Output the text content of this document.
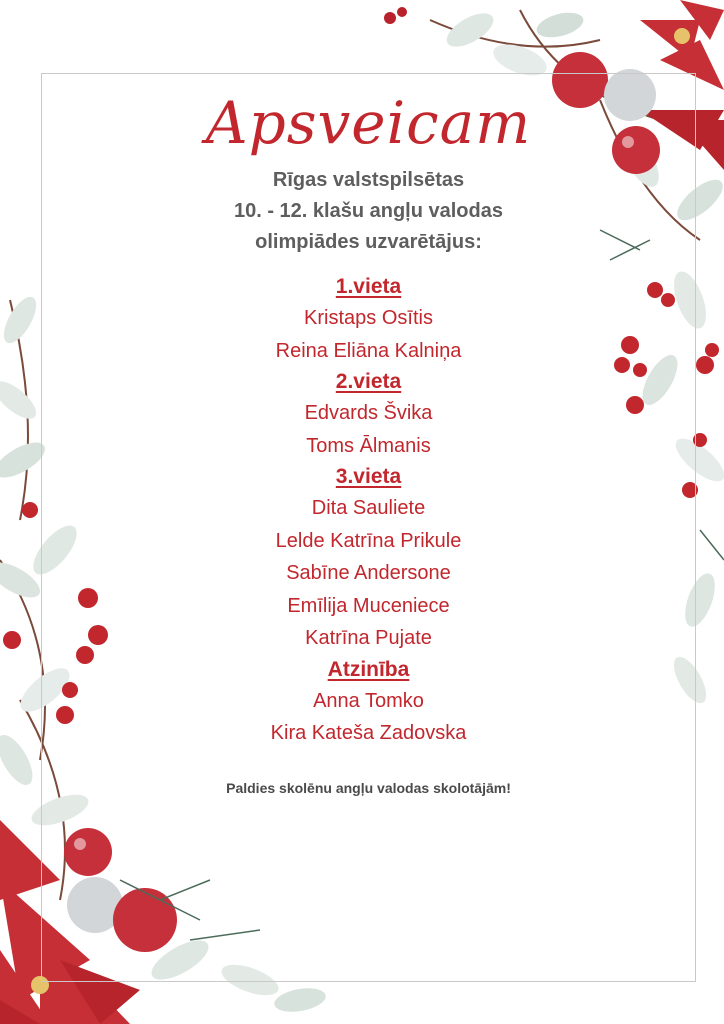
Apsveicam
Rīgas valstspilsētas
10. - 12. klašu angļu valodas
olimpiādes uzvarētājus:
1.vieta
Kristaps Osītis
Reina Eliāna Kalniņa
2.vieta
Edvards Švika
Toms Ālmanis
3.vieta
Dita Sauliete
Lelde Katrīna Prikule
Sabīne Andersone
Emīlija Muceniece
Katrīna Pujate
Atzinība
Anna Tomko
Kira Kateša Zadovska
Paldies skolēnu angļu valodas skolotājām!
